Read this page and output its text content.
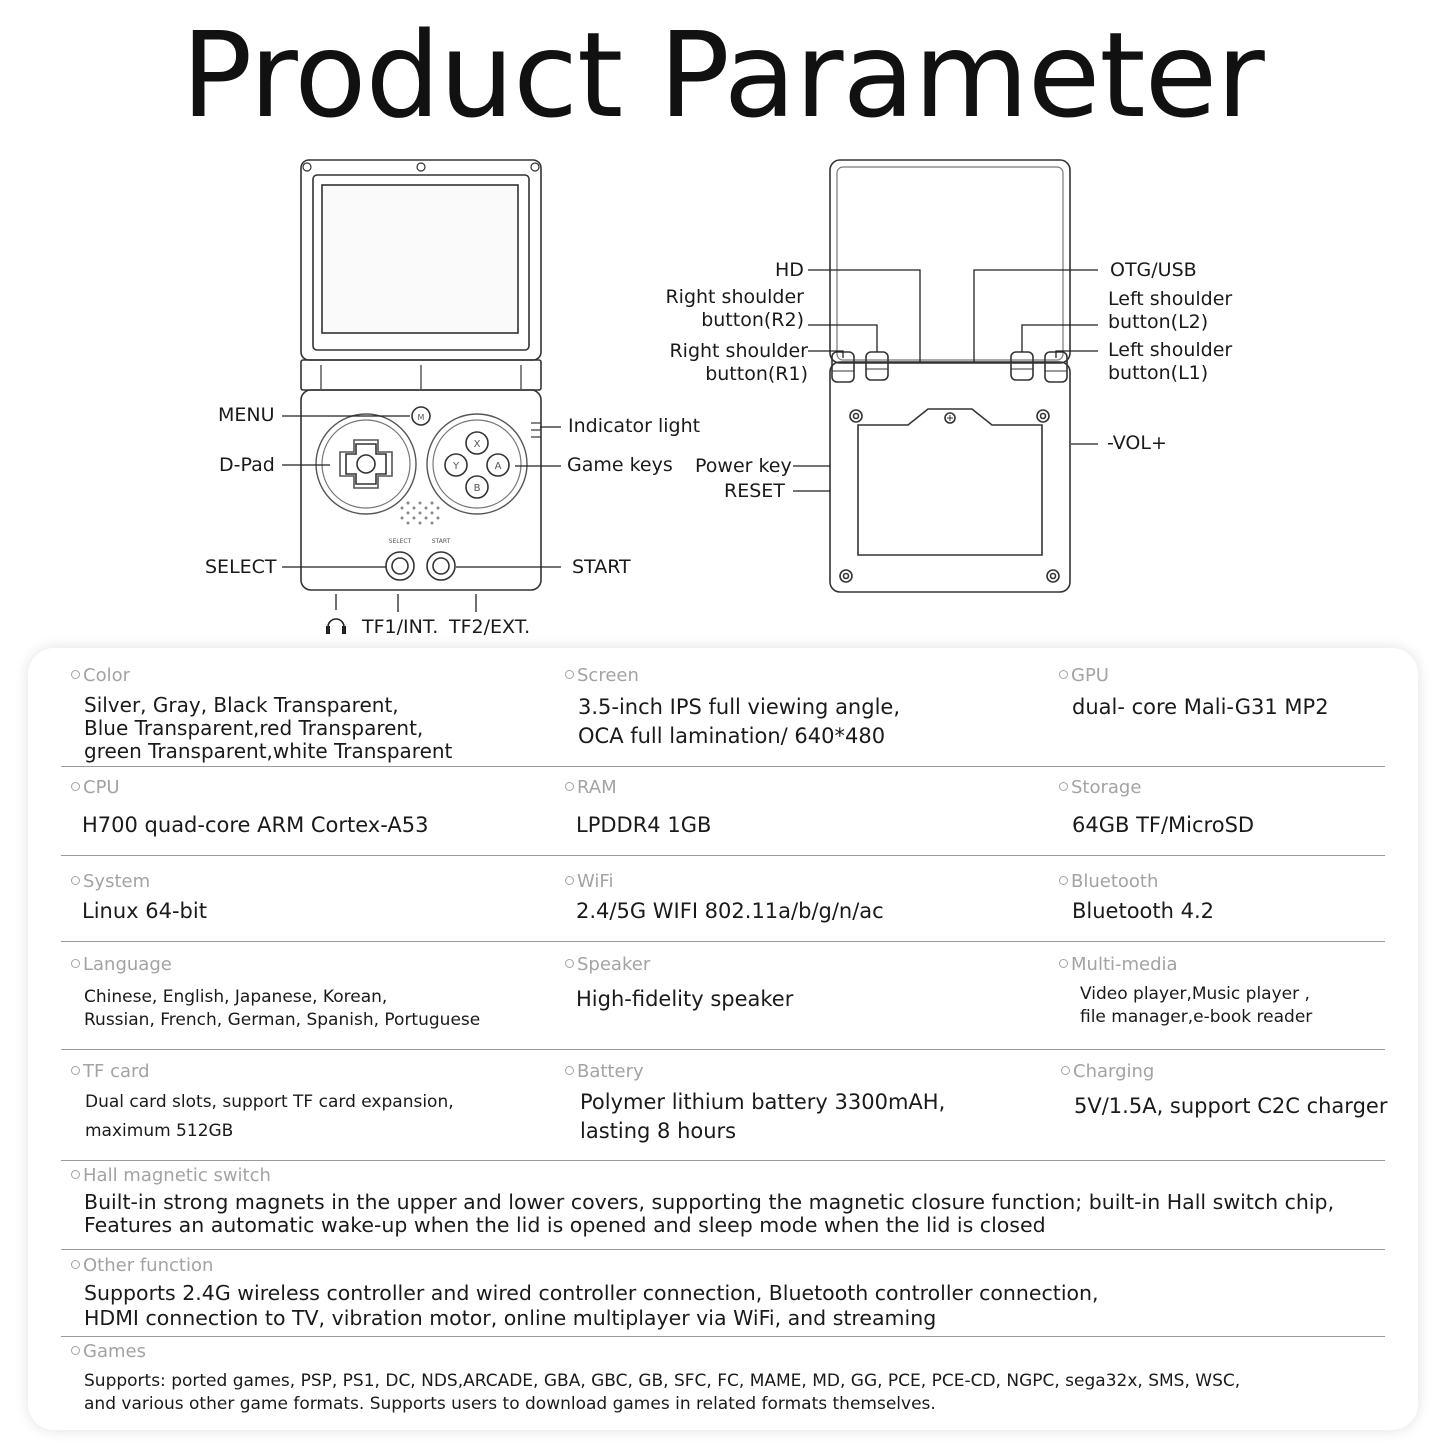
Product Parameter
X
Y	A
B
M
SELECT	START
MENU
D-Pad
SELECT
Indicator light
Game keys
START
TF1/INT. TF2/EXT.
HD
Right shoulder
button(R2)
Right shoulder
button(R1)
Power key
RESET
OTG/USB
Left shoulder
button(L2)
Left shoulder
button(L1)
-VOL+
Color
Silver, Gray, Black Transparent,
Blue Transparent,red Transparent,
green Transparent,white Transparent
Screen
3.5-inch IPS full viewing angle,
OCA full lamination/ 640*480
GPU
dual- core Mali-G31 MP2
CPU
H700 quad-core ARM Cortex-A53
RAM
LPDDR4 1GB
Storage
64GB TF/MicroSD
System
Linux 64-bit
WiFi
2.4/5G WIFI 802.11a/b/g/n/ac
Bluetooth
Bluetooth 4.2
Language
Chinese, English, Japanese, Korean,
Russian, French, German, Spanish, Portuguese
Speaker
High-fidelity speaker
Multi-media
Video player,Music player ,
file manager,e-book reader
TF card
Dual card slots, support TF card expansion,
maximum 512GB
Battery
Polymer lithium battery 3300mAH,
lasting 8 hours
Charging
5V/1.5A, support C2C charger
Hall magnetic switch
Built-in strong magnets in the upper and lower covers, supporting the magnetic closure function; built-in Hall switch chip,
Features an automatic wake-up when the lid is opened and sleep mode when the lid is closed
Other function
Supports 2.4G wireless controller and wired controller connection, Bluetooth controller connection,
HDMI connection to TV, vibration motor, online multiplayer via WiFi, and streaming
Games
Supports: ported games, PSP, PS1, DC, NDS,ARCADE, GBA, GBC, GB, SFC, FC, MAME, MD, GG, PCE, PCE-CD, NGPC, sega32x, SMS, WSC,
and various other game formats. Supports users to download games in related formats themselves.
